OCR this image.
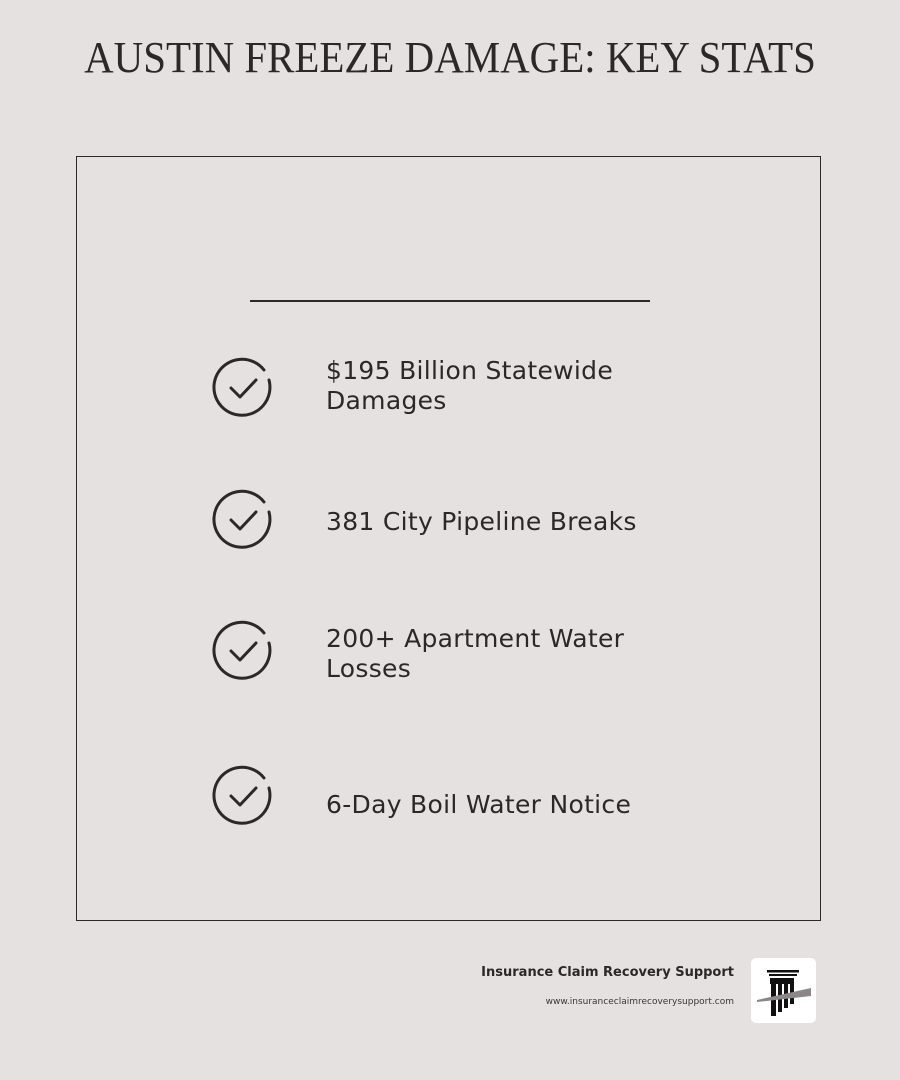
AUSTIN FREEZE DAMAGE: KEY STATS
$195 Billion Statewide Damages
381 City Pipeline Breaks
200+ Apartment Water Losses
6-Day Boil Water Notice
Insurance Claim Recovery Support
www.insuranceclaimrecoverysupport.com
